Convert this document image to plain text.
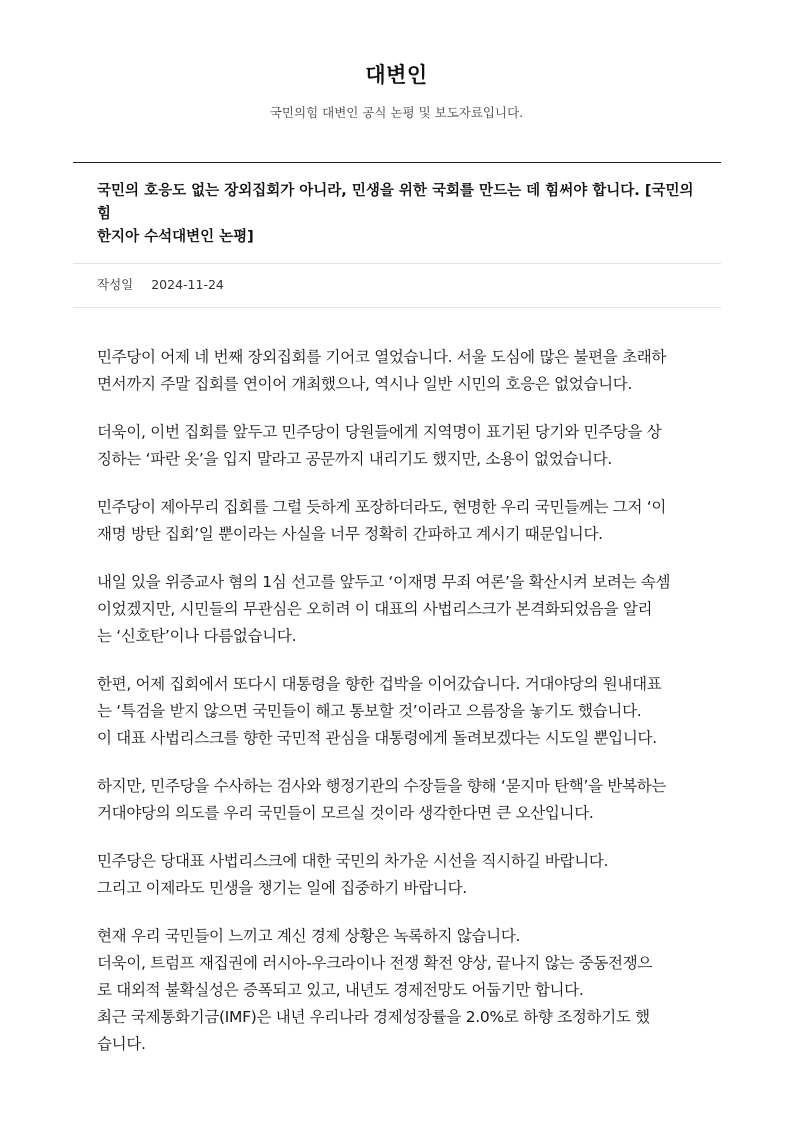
대변인
국민의힘 대변인 공식 논평 및 보도자료입니다.
국민의 호응도 없는 장외집회가 아니라, 민생을 위한 국회를 만드는 데 힘써야 합니다. [국민의힘
한지아 수석대변인 논평]
작성일 2024-11-24

민주당이 어제 네 번째 장외집회를 기어코 열었습니다. 서울 도심에 많은 불편을 초래하
면서까지 주말 집회를 연이어 개최했으나, 역시나 일반 시민의 호응은 없었습니다.

더욱이, 이번 집회를 앞두고 민주당이 당원들에게 지역명이 표기된 당기와 민주당을 상
징하는 ‘파란 옷’을 입지 말라고 공문까지 내리기도 했지만, 소용이 없었습니다.

민주당이 제아무리 집회를 그럴 듯하게 포장하더라도, 현명한 우리 국민들께는 그저 ‘이
재명 방탄 집회’일 뿐이라는 사실을 너무 정확히 간파하고 계시기 때문입니다.

내일 있을 위증교사 혐의 1심 선고를 앞두고 ‘이재명 무죄 여론’을 확산시켜 보려는 속셈
이었겠지만, 시민들의 무관심은 오히려 이 대표의 사법리스크가 본격화되었음을 알리
는 ‘신호탄’이나 다름없습니다.

한편, 어제 집회에서 또다시 대통령을 향한 겁박을 이어갔습니다. 거대야당의 원내대표
는 ‘특검을 받지 않으면 국민들이 해고 통보할 것’이라고 으름장을 놓기도 했습니다.
이 대표 사법리스크를 향한 국민적 관심을 대통령에게 돌려보겠다는 시도일 뿐입니다.

하지만, 민주당을 수사하는 검사와 행정기관의 수장들을 향해 ‘묻지마 탄핵’을 반복하는
거대야당의 의도를 우리 국민들이 모르실 것이라 생각한다면 큰 오산입니다.

민주당은 당대표 사법리스크에 대한 국민의 차가운 시선을 직시하길 바랍니다.
그리고 이제라도 민생을 챙기는 일에 집중하기 바랍니다.

현재 우리 국민들이 느끼고 계신 경제 상황은 녹록하지 않습니다.
더욱이, 트럼프 재집권에 러시아-우크라이나 전쟁 확전 양상, 끝나지 않는 중동전쟁으
로 대외적 불확실성은 증폭되고 있고, 내년도 경제전망도 어둡기만 합니다.
최근 국제통화기금(IMF)은 내년 우리나라 경제성장률을 2.0%로 하향 조정하기도 했
습니다.
